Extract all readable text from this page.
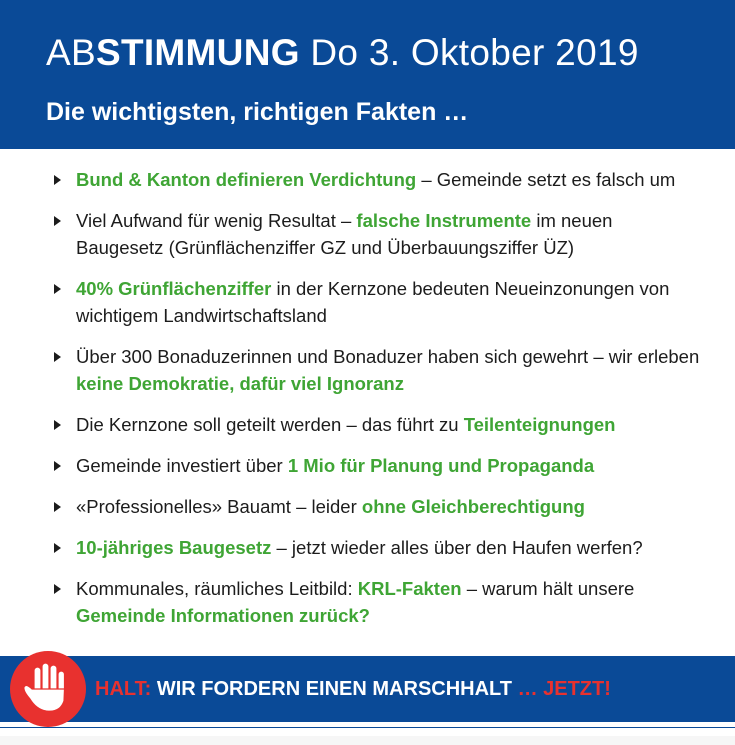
ABSTIMMUNG Do 3. Oktober 2019
Die wichtigsten, richtigen Fakten …
Bund & Kanton definieren Verdichtung – Gemeinde setzt es falsch um
Viel Aufwand für wenig Resultat – falsche Instrumente im neuen Baugesetz (Grünflächenziffer GZ und Überbauungsziffer ÜZ)
40% Grünflächenziffer in der Kernzone bedeuten Neueinzonungen von wichtigem Landwirtschaftsland
Über 300 Bonaduzerinnen und Bonaduzer haben sich gewehrt – wir erleben keine Demokratie, dafür viel Ignoranz
Die Kernzone soll geteilt werden – das führt zu Teilenteignungen
Gemeinde investiert über 1 Mio für Planung und Propaganda
«Professionelles» Bauamt – leider ohne Gleichberechtigung
10-jähriges Baugesetz – jetzt wieder alles über den Haufen werfen?
Kommunales, räumliches Leitbild: KRL-Fakten – warum hält unsere Gemeinde Informationen zurück?
HALT: WIR FORDERN EINEN MARSCHHALT … JETZT!
